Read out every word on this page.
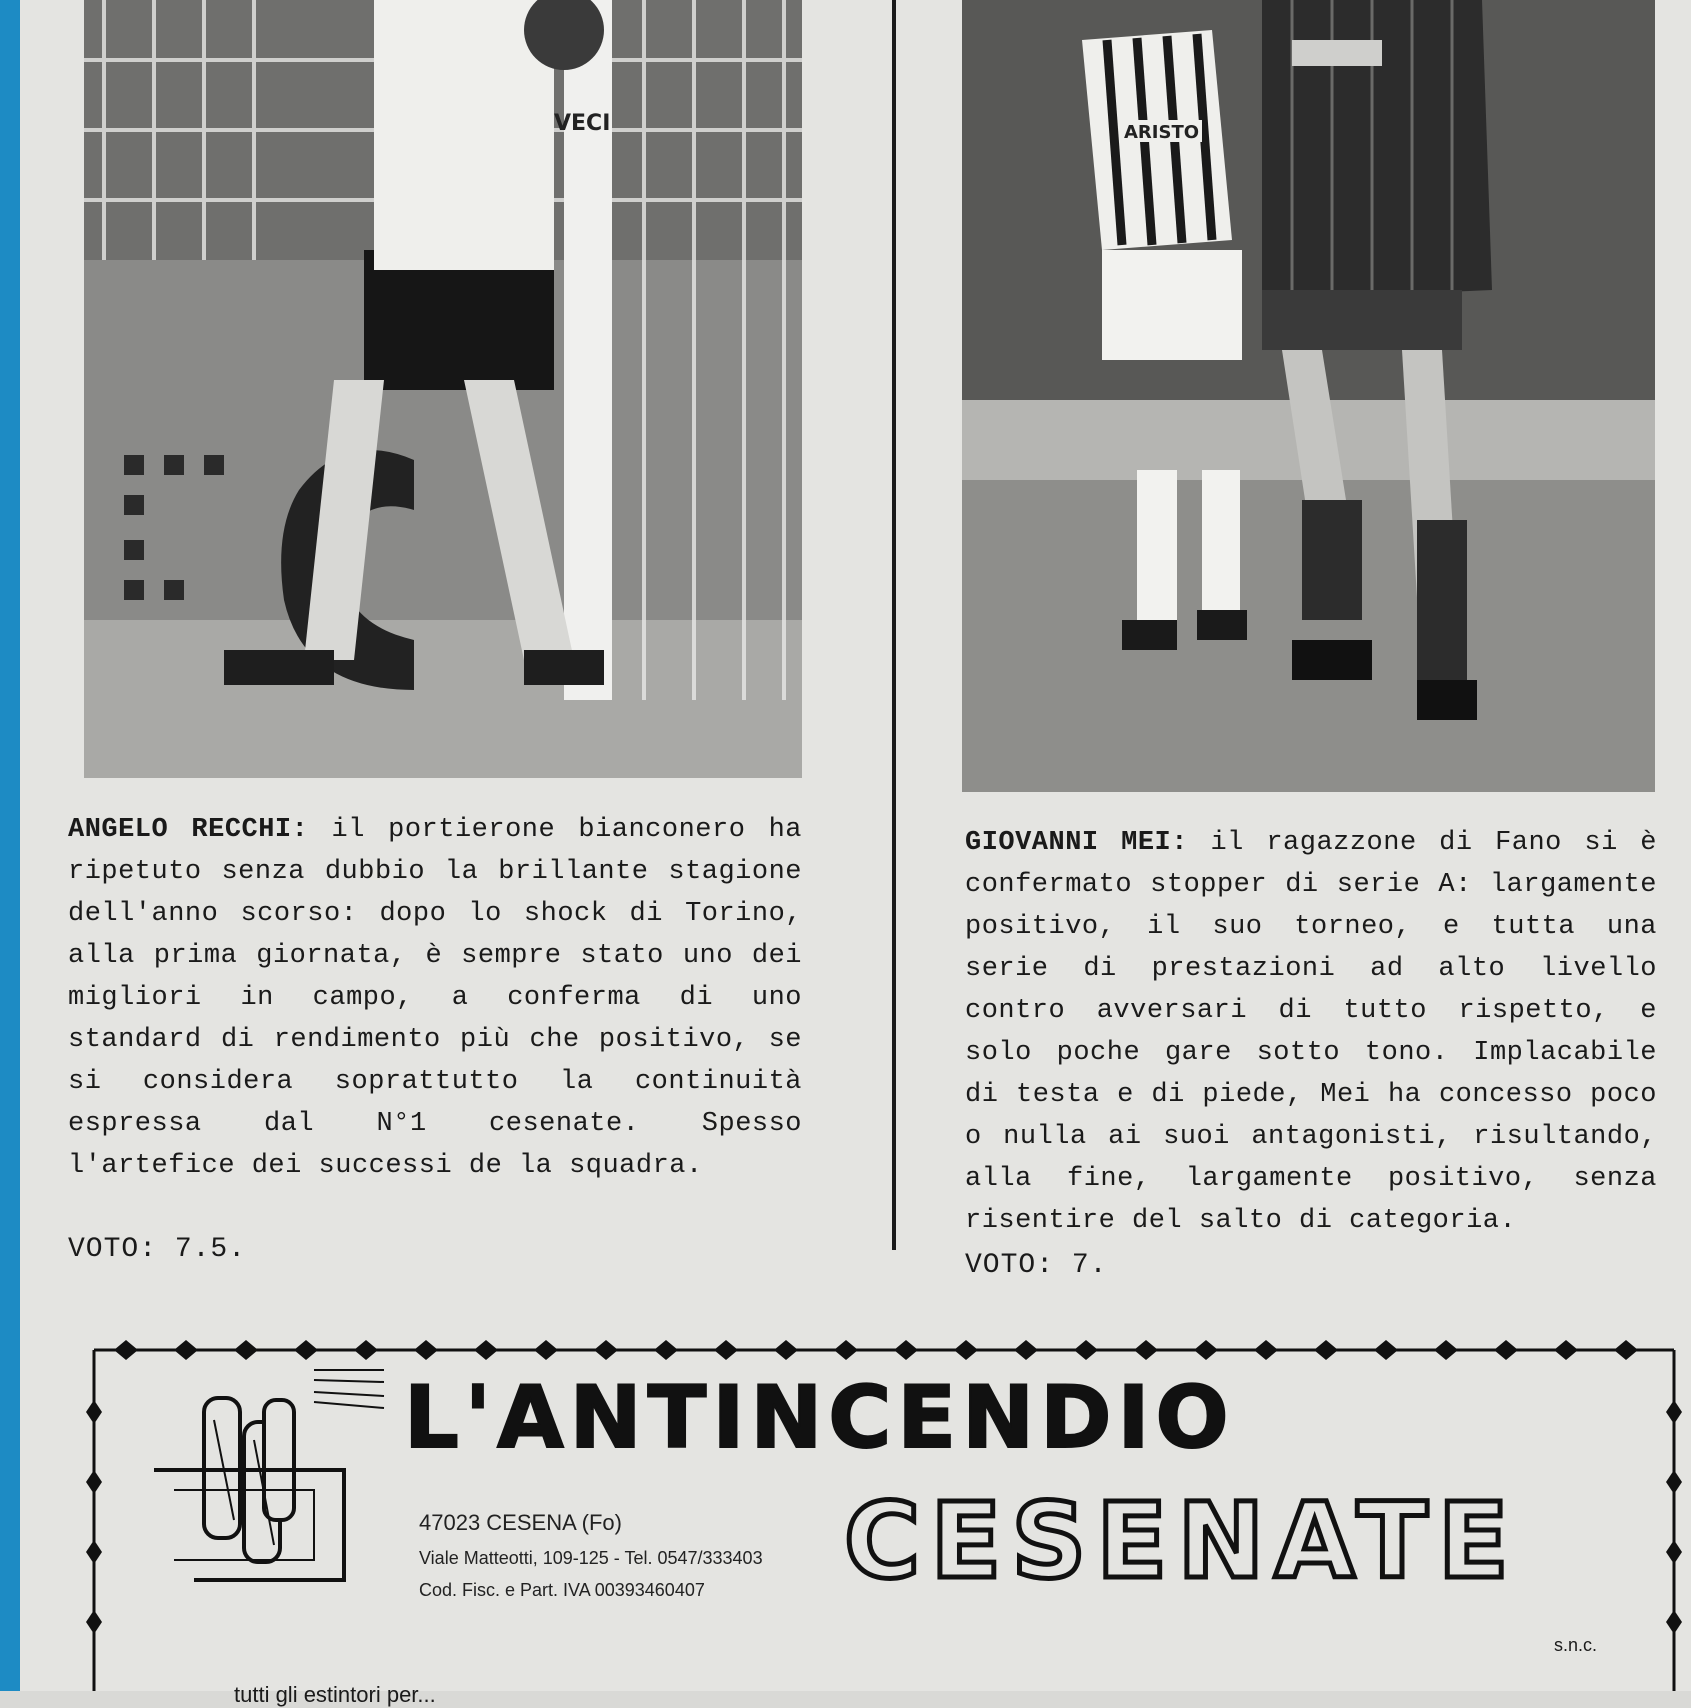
VECI	ARISTO

ANGELO RECCHI: il portierone bianconero ha ripetuto senza dubbio la brillante stagione dell'anno scorso: dopo lo shock di Torino, alla prima giornata, è sempre stato uno dei migliori in campo, a conferma di uno standard di rendimento più che positivo, se si considera soprattutto la continuità espressa dal N°1 cesenate. Spesso l'artefice dei successi de la squadra.

VOTO: 7.5.

GIOVANNI MEI: il ragazzone di Fano si è confermato stopper di serie A: largamente positivo, il suo torneo, e tutta una serie di prestazioni ad alto livello contro avversari di tutto rispetto, e solo poche gare sotto tono. Implacabile di testa e di piede, Mei ha concesso poco o nulla ai suoi antagonisti, risultando, alla fine, largamente positivo, senza risentire del salto di categoria.

VOTO: 7.
L'ANTINCENDIO
CESENATE
47023 CESENA (Fo)
Viale Matteotti, 109-125 - Tel. 0547/333403
Cod. Fisc. e Part. IVA 00393460407
s.n.c.
tutti gli estintori per...
